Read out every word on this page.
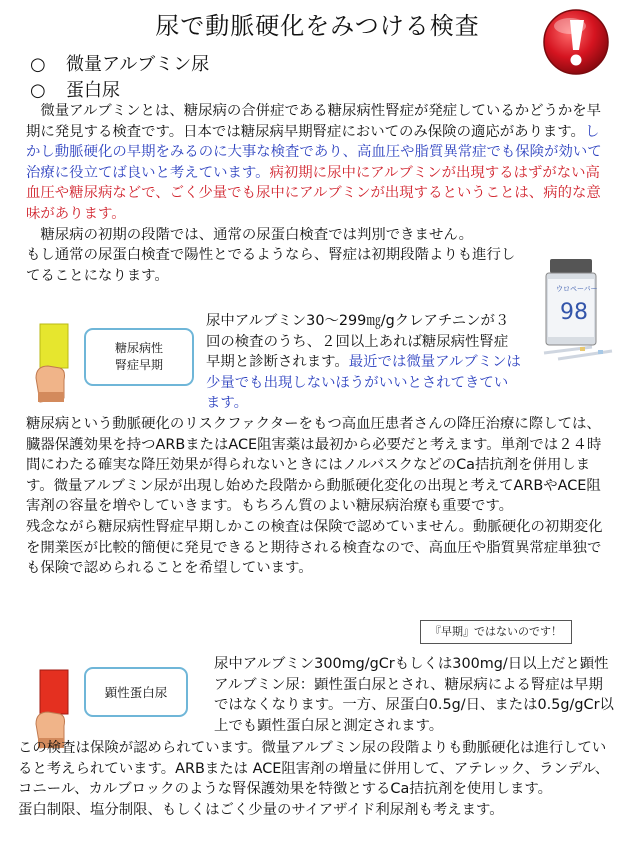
尿で動脈硬化をみつける検査
○ 微量アルブミン尿
○ 蛋白尿

　微量アルブミンとは、糖尿病の合併症である糖尿病性腎症が発症しているかどうかを早期に発見する検査です。日本では糖尿病早期腎症においてのみ保険の適応があります。しかし動脈硬化の早期をみるのに大事な検査であり、高血圧や脂質異常症でも保険が効いて治療に役立てば良いと考えています。病初期に尿中にアルブミンが出現するはずがない高血圧や糖尿病などで、ごく少量でも尿中にアルブミンが出現するということは、病的な意味があります。

　糖尿病の初期の段階では、通常の尿蛋白検査では判別できません。

もし通常の尿蛋白検査で陽性とでるようなら、腎症は初期段階よりも進行してることになります。

ウロペーパー
98
糖尿病性
腎症早期
尿中アルブミン30〜299㎎/gクレアチニンが３回の検査のうち、２回以上あれば糖尿病性腎症早期と診断されます。最近では微量アルブミンは少量でも出現しないほうがいいとされてきています。

糖尿病という動脈硬化のリスクファクターをもつ高血圧患者さんの降圧治療に際しては、臓器保護効果を持つARBまたはACE阻害薬は最初から必要だと考えます。単剤では２４時間にわたる確実な降圧効果が得られないときにはノルバスクなどのCa拮抗剤を併用します。微量アルブミン尿が出現し始めた段階から動脈硬化変化の出現と考えてARBやACE阻害剤の容量を増やしていきます。もちろん質のよい糖尿病治療も重要です。

残念ながら糖尿病性腎症早期しかこの検査は保険で認めていません。動脈硬化の初期変化を開業医が比較的簡便に発見できると期待される検査なので、高血圧や脂質異常症単独でも保険で認められることを希望しています。

『早期』ではないのです！
顕性蛋白尿
尿中アルブミン300mg/gCrもしくは300mg/日以上だと顕性アルブミン尿：顕性蛋白尿とされ、糖尿病による腎症は早期ではなくなります。一方、尿蛋白0.5g/日、または0.5g/gCr以上でも顕性蛋白尿と測定されます。

この検査は保険が認められています。微量アルブミン尿の段階よりも動脈硬化は進行していると考えられています。ARBまたは ACE阻害剤の増量に併用して、アテレック、ランデル、コニール、カルブロックのような腎保護効果を特徴とするCa拮抗剤を使用します。

蛋白制限、塩分制限、もしくはごく少量のサイアザイド利尿剤も考えます。
